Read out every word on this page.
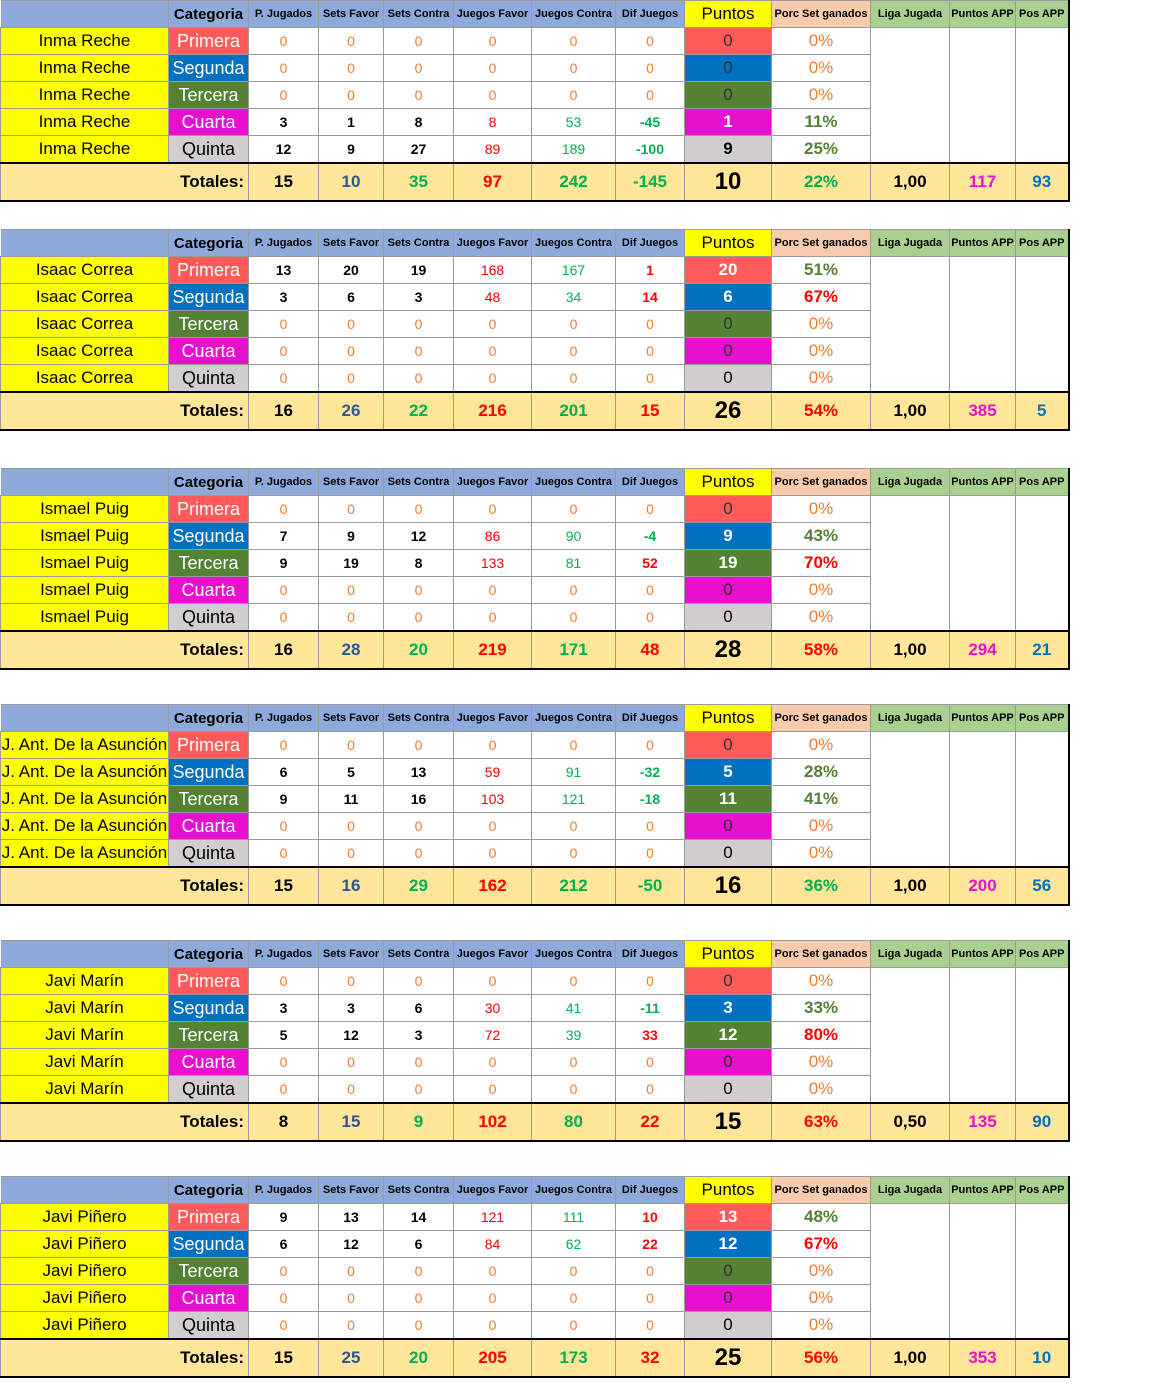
	Categoria	P. Jugados	Sets Favor	Sets Contra	Juegos Favor	Juegos Contra	Dif Juegos	Puntos	Porc Set ganados	Liga Jugada	Puntos APP	Pos APP
Inma Reche	Primera	0	0	0	0	0	0	0	0%			
Inma Reche	Segunda	0	0	0	0	0	0	0	0%			
Inma Reche	Tercera	0	0	0	0	0	0	0	0%			
Inma Reche	Cuarta	3	1	8	8	53	-45	1	11%			
Inma Reche	Quinta	12	9	27	89	189	-100	9	25%			
	Totales:	15	10	35	97	242	-145	10	22%	1,00	117	93
	Categoria	P. Jugados	Sets Favor	Sets Contra	Juegos Favor	Juegos Contra	Dif Juegos	Puntos	Porc Set ganados	Liga Jugada	Puntos APP	Pos APP
Isaac Correa	Primera	13	20	19	168	167	1	20	51%			
Isaac Correa	Segunda	3	6	3	48	34	14	6	67%			
Isaac Correa	Tercera	0	0	0	0	0	0	0	0%			
Isaac Correa	Cuarta	0	0	0	0	0	0	0	0%			
Isaac Correa	Quinta	0	0	0	0	0	0	0	0%			
	Totales:	16	26	22	216	201	15	26	54%	1,00	385	5
	Categoria	P. Jugados	Sets Favor	Sets Contra	Juegos Favor	Juegos Contra	Dif Juegos	Puntos	Porc Set ganados	Liga Jugada	Puntos APP	Pos APP
Ismael Puig	Primera	0	0	0	0	0	0	0	0%			
Ismael Puig	Segunda	7	9	12	86	90	-4	9	43%			
Ismael Puig	Tercera	9	19	8	133	81	52	19	70%			
Ismael Puig	Cuarta	0	0	0	0	0	0	0	0%			
Ismael Puig	Quinta	0	0	0	0	0	0	0	0%			
	Totales:	16	28	20	219	171	48	28	58%	1,00	294	21
	Categoria	P. Jugados	Sets Favor	Sets Contra	Juegos Favor	Juegos Contra	Dif Juegos	Puntos	Porc Set ganados	Liga Jugada	Puntos APP	Pos APP
J. Ant. De la Asunción	Primera	0	0	0	0	0	0	0	0%			
J. Ant. De la Asunción	Segunda	6	5	13	59	91	-32	5	28%			
J. Ant. De la Asunción	Tercera	9	11	16	103	121	-18	11	41%			
J. Ant. De la Asunción	Cuarta	0	0	0	0	0	0	0	0%			
J. Ant. De la Asunción	Quinta	0	0	0	0	0	0	0	0%			
	Totales:	15	16	29	162	212	-50	16	36%	1,00	200	56
	Categoria	P. Jugados	Sets Favor	Sets Contra	Juegos Favor	Juegos Contra	Dif Juegos	Puntos	Porc Set ganados	Liga Jugada	Puntos APP	Pos APP
Javi Marín	Primera	0	0	0	0	0	0	0	0%			
Javi Marín	Segunda	3	3	6	30	41	-11	3	33%			
Javi Marín	Tercera	5	12	3	72	39	33	12	80%			
Javi Marín	Cuarta	0	0	0	0	0	0	0	0%			
Javi Marín	Quinta	0	0	0	0	0	0	0	0%			
	Totales:	8	15	9	102	80	22	15	63%	0,50	135	90
	Categoria	P. Jugados	Sets Favor	Sets Contra	Juegos Favor	Juegos Contra	Dif Juegos	Puntos	Porc Set ganados	Liga Jugada	Puntos APP	Pos APP
Javi Piñero	Primera	9	13	14	121	111	10	13	48%			
Javi Piñero	Segunda	6	12	6	84	62	22	12	67%			
Javi Piñero	Tercera	0	0	0	0	0	0	0	0%			
Javi Piñero	Cuarta	0	0	0	0	0	0	0	0%			
Javi Piñero	Quinta	0	0	0	0	0	0	0	0%			
	Totales:	15	25	20	205	173	32	25	56%	1,00	353	10
